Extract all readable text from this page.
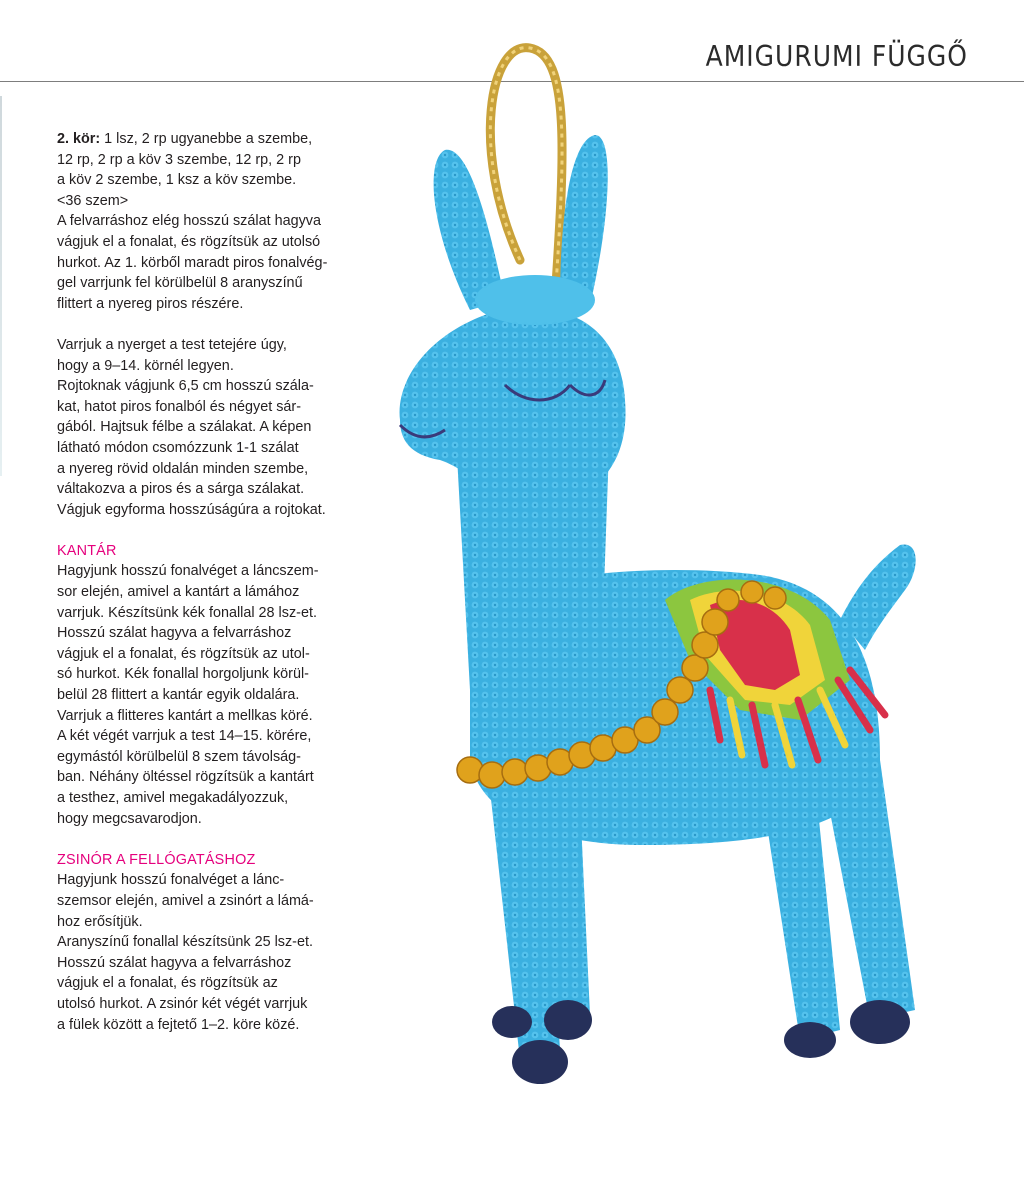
AMIGURUMI FÜGGŐ

2. kör: 1 lsz, 2 rp ugyanebbe a szembe,
12 rp, 2 rp a köv 3 szembe, 12 rp, 2 rp
a köv 2 szembe, 1 ksz a köv szembe.
<36 szem>
A felvarráshoz elég hosszú szálat hagyva
vágjuk el a fonalat, és rögzítsük az utolsó
hurkot. Az 1. körből maradt piros fonalvég-
gel varrjunk fel körülbelül 8 aranyszínű
flittert a nyereg piros részére.

Varrjuk a nyerget a test tetejére úgy,
hogy a 9–14. körnél legyen.
Rojtoknak vágjunk 6,5 cm hosszú szála-
kat, hatot piros fonalból és négyet sár-
gából. Hajtsuk félbe a szálakat. A képen
látható módon csomózzunk 1-1 szálat
a nyereg rövid oldalán minden szembe,
váltakozva a piros és a sárga szálakat.
Vágjuk egyforma hosszúságúra a rojtokat.

KANTÁR

Hagyjunk hosszú fonalvéget a láncszem-
sor elején, amivel a kantárt a lámához
varrjuk. Készítsünk kék fonallal 28 lsz-et.
Hosszú szálat hagyva a felvarráshoz
vágjuk el a fonalat, és rögzítsük az utol-
só hurkot. Kék fonallal horgoljunk körül-
belül 28 flittert a kantár egyik oldalára.
Varrjuk a flitteres kantárt a mellkas köré.
A két végét varrjuk a test 14–15. körére,
egymástól körülbelül 8 szem távolság-
ban. Néhány öltéssel rögzítsük a kantárt
a testhez, amivel megakadályozzuk,
hogy megcsavarodjon.

ZSINÓR A FELLÓGATÁSHOZ

Hagyjunk hosszú fonalvéget a lánc-
szemsor elején, amivel a zsinórt a lámá-
hoz erősítjük.
Aranyszínű fonallal készítsünk 25 lsz-et.
Hosszú szálat hagyva a felvarráshoz
vágjuk el a fonalat, és rögzítsük az
utolsó hurkot. A zsinór két végét varrjuk
a fülek között a fejtető 1–2. köre közé.
